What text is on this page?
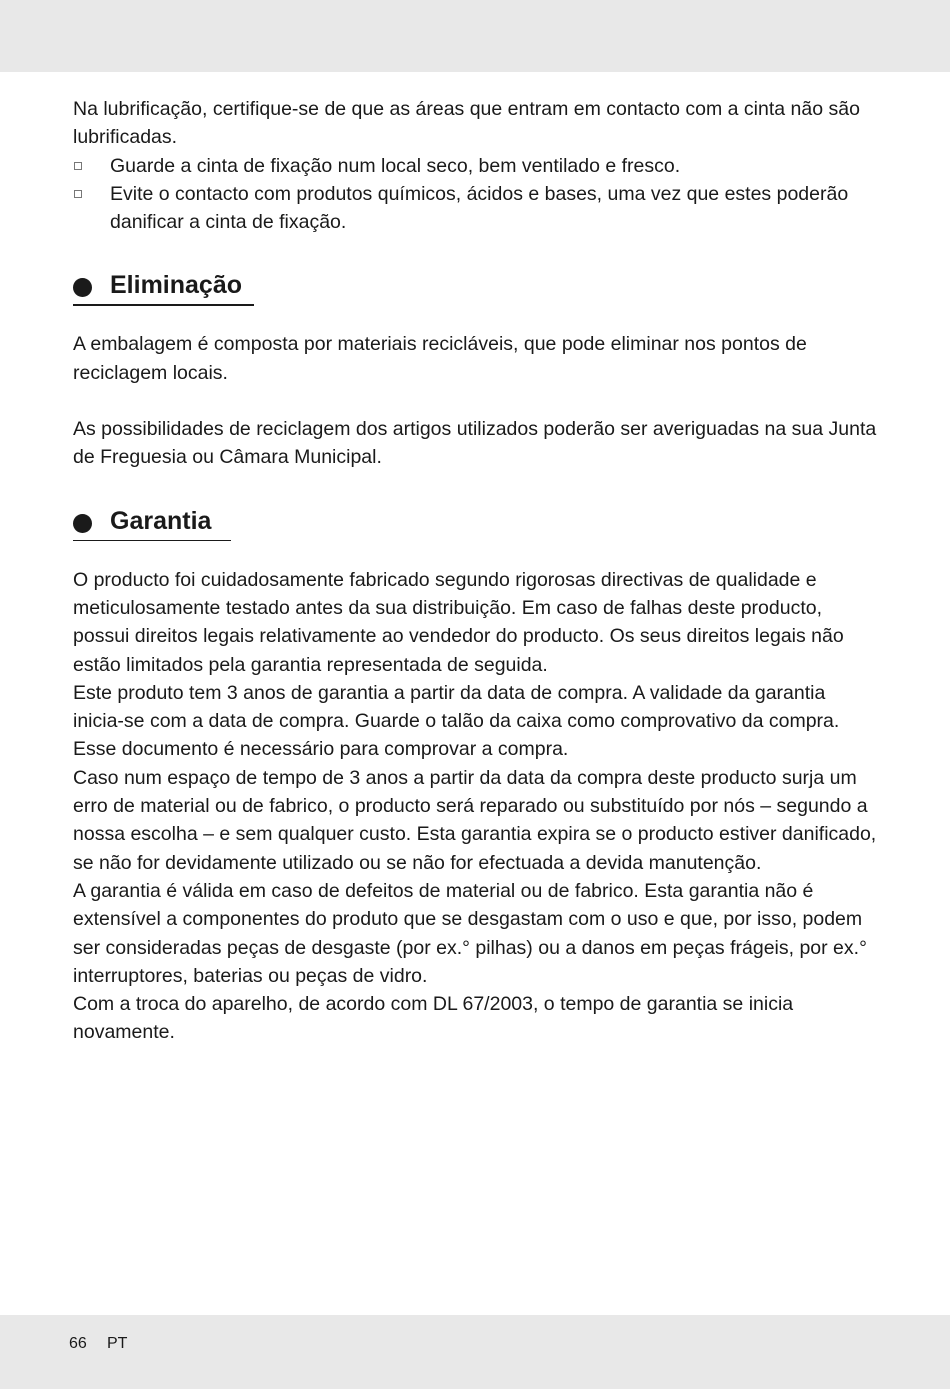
Na lubrificação, certifique-se de que as áreas que entram em contacto com a cinta não são lubrificadas.

Guarde a cinta de fixação num local seco, bem ventilado e fresco.
Evite o contacto com produtos químicos, ácidos e bases, uma vez que estes poderão danificar a cinta de fixação.
Eliminação

A embalagem é composta por materiais recicláveis, que pode eliminar nos pontos de reciclagem locais.

As possibilidades de reciclagem dos artigos utilizados poderão ser averiguadas na sua Junta de Freguesia ou Câmara Municipal.

Garantia

O producto foi cuidadosamente fabricado segundo rigorosas directivas de qualidade e meticulosamente testado antes da sua distribuição. Em caso de falhas deste producto, possui direitos legais relativamente ao vendedor do producto. Os seus direitos legais não estão limitados pela garantia representada de seguida.

Este produto tem 3 anos de garantia a partir da data de compra. A validade da garantia inicia-se com a data de compra. Guarde o talão da caixa como comprovativo da compra. Esse documento é necessário para comprovar a compra.

Caso num espaço de tempo de 3 anos a partir da data da compra deste producto surja um erro de material ou de fabrico, o producto será reparado ou substituído por nós – segundo a nossa escolha – e sem qualquer custo. Esta garantia expira se o producto estiver danificado, se não for devidamente utilizado ou se não for efectuada a devida manutenção.

A garantia é válida em caso de defeitos de material ou de fabrico. Esta garantia não é extensível a componentes do produto que se desgastam com o uso e que, por isso, podem ser consideradas peças de desgaste (por ex.° pilhas) ou a danos em peças frágeis, por ex.° interruptores, baterias ou peças de vidro.

Com a troca do aparelho, de acordo com DL 67/2003, o tempo de garantia se inicia novamente.

66 PT
